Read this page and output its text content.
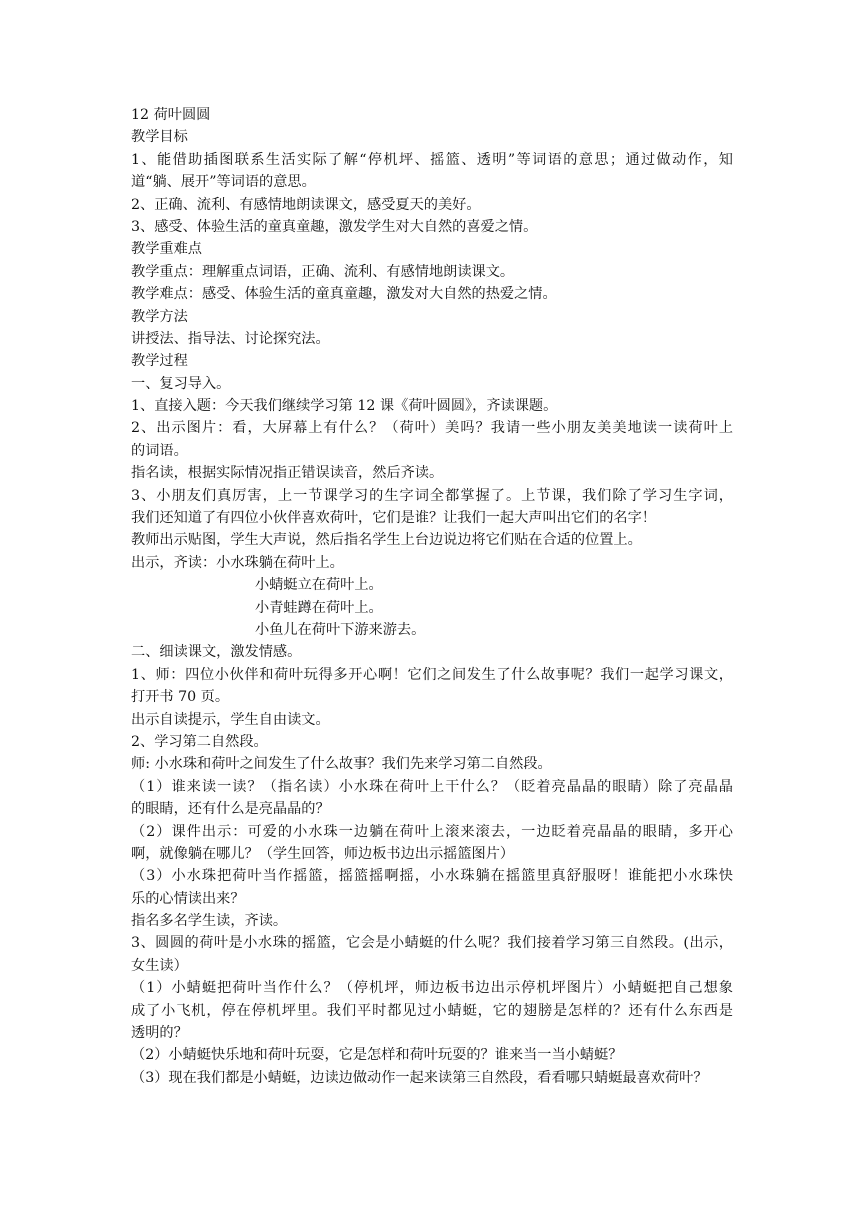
12 荷叶圆圆
教学目标
1、能借助插图联系生活实际了解“停机坪、摇篮、透明”等词语的意思；通过做动作，知
道“躺、展开”等词语的意思。
2、正确、流利、有感情地朗读课文，感受夏天的美好。
3、感受、体验生活的童真童趣，激发学生对大自然的喜爱之情。
教学重难点
教学重点：理解重点词语，正确、流利、有感情地朗读课文。
教学难点：感受、体验生活的童真童趣，激发对大自然的热爱之情。
教学方法
讲授法、指导法、讨论探究法。
教学过程
一、复习导入。
1、直接入题：今天我们继续学习第 12 课《荷叶圆圆》，齐读课题。
2、出示图片：看，大屏幕上有什么？（荷叶）美吗？我请一些小朋友美美地读一读荷叶上
的词语。
指名读，根据实际情况指正错误读音，然后齐读。
3、小朋友们真厉害，上一节课学习的生字词全都掌握了。上节课，我们除了学习生字词，
我们还知道了有四位小伙伴喜欢荷叶，它们是谁？让我们一起大声叫出它们的名字！
教师出示贴图，学生大声说，然后指名学生上台边说边将它们贴在合适的位置上。
出示，齐读：小水珠躺在荷叶上。
小蜻蜓立在荷叶上。
小青蛙蹲在荷叶上。
小鱼儿在荷叶下游来游去。
二、细读课文，激发情感。
1、师：四位小伙伴和荷叶玩得多开心啊！它们之间发生了什么故事呢？我们一起学习课文，
打开书 70 页。
出示自读提示，学生自由读文。
2、学习第二自然段。
师: 小水珠和荷叶之间发生了什么故事？我们先来学习第二自然段。
（1）谁来读一读？（指名读）小水珠在荷叶上干什么？（眨着亮晶晶的眼睛）除了亮晶晶
的眼睛，还有什么是亮晶晶的？
（2）课件出示：可爱的小水珠一边躺在荷叶上滚来滚去，一边眨着亮晶晶的眼睛，多开心
啊，就像躺在哪儿？（学生回答，师边板书边出示摇篮图片）
（3）小水珠把荷叶当作摇篮，摇篮摇啊摇，小水珠躺在摇篮里真舒服呀！谁能把小水珠快
乐的心情读出来？
指名多名学生读，齐读。
3、圆圆的荷叶是小水珠的摇篮，它会是小蜻蜓的什么呢？我们接着学习第三自然段。(出示，
女生读）
（1）小蜻蜓把荷叶当作什么？（停机坪，师边板书边出示停机坪图片）小蜻蜓把自己想象
成了小飞机，停在停机坪里。我们平时都见过小蜻蜓，它的翅膀是怎样的？还有什么东西是
透明的？
（2）小蜻蜓快乐地和荷叶玩耍，它是怎样和荷叶玩耍的？谁来当一当小蜻蜓？
（3）现在我们都是小蜻蜓，边读边做动作一起来读第三自然段，看看哪只蜻蜓最喜欢荷叶？
